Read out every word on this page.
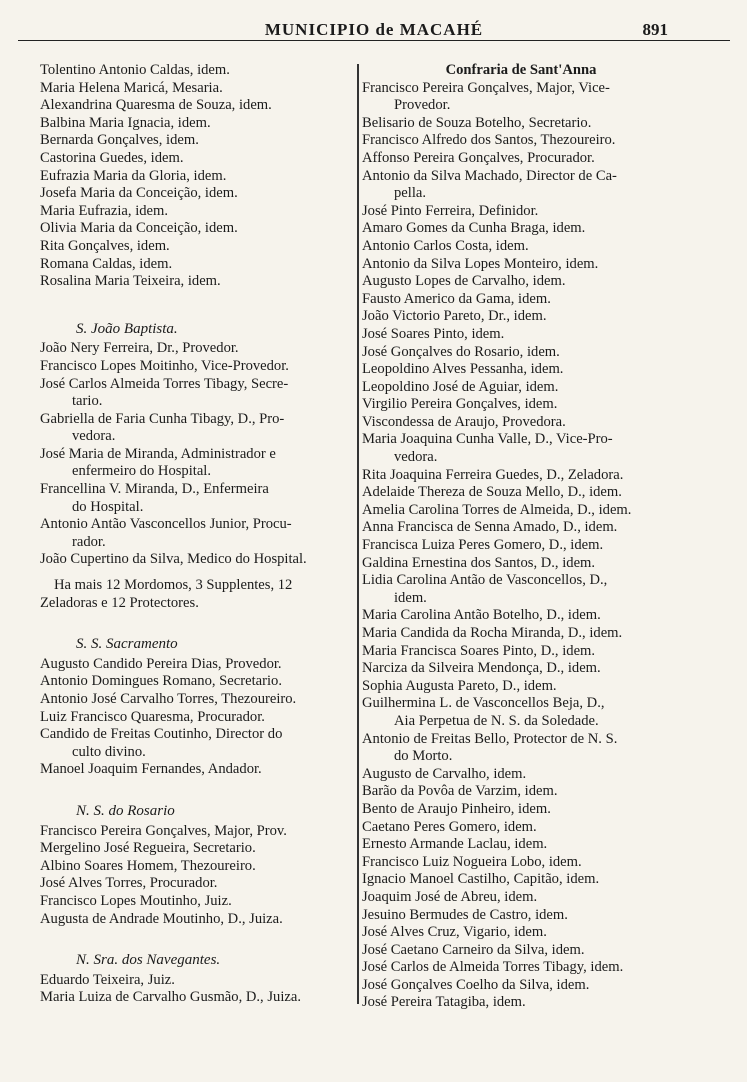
MUNICIPIO de MACAHÉ	891
Tolentino Antonio Caldas, idem.
Maria Helena Maricá, Mesaria.
Alexandrina Quaresma de Souza, idem.
Balbina Maria Ignacia, idem.
Bernarda Gonçalves, idem.
Castorina Guedes, idem.
Eufrazia Maria da Gloria, idem.
Josefa Maria da Conceição, idem.
Maria Eufrazia, idem.
Olivia Maria da Conceição, idem.
Rita Gonçalves, idem.
Romana Caldas, idem.
Rosalina Maria Teixeira, idem.
S. João Baptista.
João Nery Ferreira, Dr., Provedor.
Francisco Lopes Moitinho, Vice-Provedor.
José Carlos Almeida Torres Tibagy, Secre-
tario.
Gabriella de Faria Cunha Tibagy, D., Pro-
vedora.
José Maria de Miranda, Administrador e
enfermeiro do Hospital.
Francellina V. Miranda, D., Enfermeira
do Hospital.
Antonio Antão Vasconcellos Junior, Procu-
rador.
João Cupertino da Silva, Medico do Hospital.
Ha mais 12 Mordomos, 3 Supplentes, 12
Zeladoras e 12 Protectores.
S. S. Sacramento
Augusto Candido Pereira Dias, Provedor.
Antonio Domingues Romano, Secretario.
Antonio José Carvalho Torres, Thezoureiro.
Luiz Francisco Quaresma, Procurador.
Candido de Freitas Coutinho, Director do
culto divino.
Manoel Joaquim Fernandes, Andador.
N. S. do Rosario
Francisco Pereira Gonçalves, Major, Prov.
Mergelino José Regueira, Secretario.
Albino Soares Homem, Thezoureiro.
José Alves Torres, Procurador.
Francisco Lopes Moutinho, Juiz.
Augusta de Andrade Moutinho, D., Juiza.
N. Sra. dos Navegantes.
Eduardo Teixeira, Juiz.
Maria Luiza de Carvalho Gusmão, D., Juiza.
Confraria de Sant'Anna
Francisco Pereira Gonçalves, Major, Vice-
Provedor.
Belisario de Souza Botelho, Secretario.
Francisco Alfredo dos Santos, Thezoureiro.
Affonso Pereira Gonçalves, Procurador.
Antonio da Silva Machado, Director de Ca-
pella.
José Pinto Ferreira, Definidor.
Amaro Gomes da Cunha Braga, idem.
Antonio Carlos Costa, idem.
Antonio da Silva Lopes Monteiro, idem.
Augusto Lopes de Carvalho, idem.
Fausto Americo da Gama, idem.
João Victorio Pareto, Dr., idem.
José Soares Pinto, idem.
José Gonçalves do Rosario, idem.
Leopoldino Alves Pessanha, idem.
Leopoldino José de Aguiar, idem.
Virgilio Pereira Gonçalves, idem.
Viscondessa de Araujo, Provedora.
Maria Joaquina Cunha Valle, D., Vice-Pro-
vedora.
Rita Joaquina Ferreira Guedes, D., Zeladora.
Adelaide Thereza de Souza Mello, D., idem.
Amelia Carolina Torres de Almeida, D., idem.
Anna Francisca de Senna Amado, D., idem.
Francisca Luiza Peres Gomero, D., idem.
Galdina Ernestina dos Santos, D., idem.
Lidia Carolina Antão de Vasconcellos, D.,
idem.
Maria Carolina Antão Botelho, D., idem.
Maria Candida da Rocha Miranda, D., idem.
Maria Francisca Soares Pinto, D., idem.
Narciza da Silveira Mendonça, D., idem.
Sophia Augusta Pareto, D., idem.
Guilhermina L. de Vasconcellos Beja, D.,
Aia Perpetua de N. S. da Soledade.
Antonio de Freitas Bello, Protector de N. S.
do Morto.
Augusto de Carvalho, idem.
Barão da Povôa de Varzim, idem.
Bento de Araujo Pinheiro, idem.
Caetano Peres Gomero, idem.
Ernesto Armande Laclau, idem.
Francisco Luiz Nogueira Lobo, idem.
Ignacio Manoel Castilho, Capitão, idem.
Joaquim José de Abreu, idem.
Jesuino Bermudes de Castro, idem.
José Alves Cruz, Vigario, idem.
José Caetano Carneiro da Silva, idem.
José Carlos de Almeida Torres Tibagy, idem.
José Gonçalves Coelho da Silva, idem.
José Pereira Tatagiba, idem.
